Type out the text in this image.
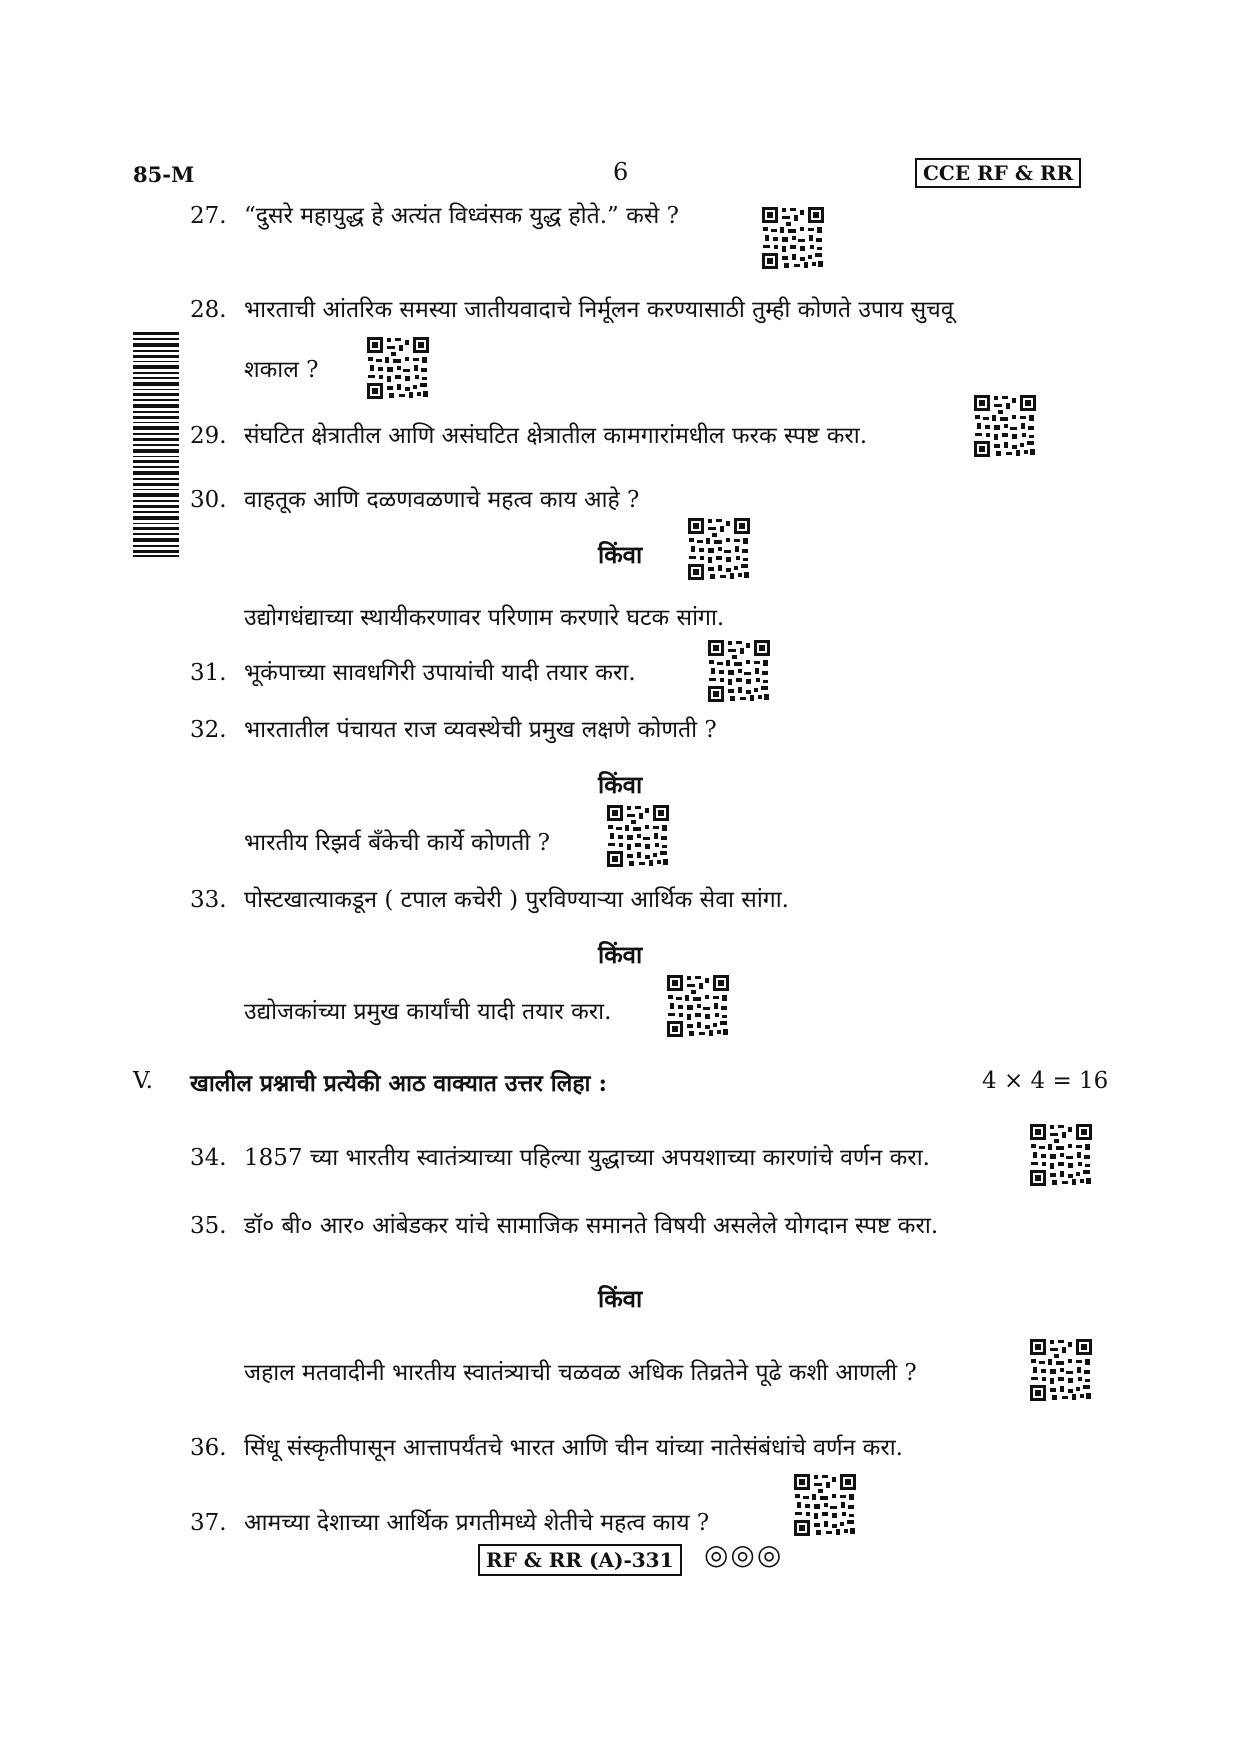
85-M	6	CCE RF & RR
27. “दुसरे महायुद्ध हे अत्यंत विध्वंसक युद्ध होते.” कसे ?
28. भारताची आंतरिक समस्या जातीयवादाचे निर्मूलन करण्यासाठी तुम्ही कोणते उपाय सुचवू
शकाल ?
29. संघटित क्षेत्रातील आणि असंघटित क्षेत्रातील कामगारांमधील फरक स्पष्ट करा.
30. वाहतूक आणि दळणवळणाचे महत्व काय आहे ?
किंवा
उद्योगधंद्याच्या स्थायीकरणावर परिणाम करणारे घटक सांगा.
31. भूकंपाच्या सावधगिरी उपायांची यादी तयार करा.
32. भारतातील पंचायत राज व्यवस्थेची प्रमुख लक्षणे कोणती ?
किंवा
भारतीय रिझर्व बँकेची कार्ये कोणती ?
33. पोस्टखात्याकडून ( टपाल कचेरी ) पुरविण्याऱ्या आर्थिक सेवा सांगा.
किंवा
उद्योजकांच्या प्रमुख कार्यांची यादी तयार करा.
V. खालील प्रश्नाची प्रत्येकी आठ वाक्यात उत्तर लिहा :	4 × 4 = 16
34. 1857 च्या भारतीय स्वातंत्र्याच्या पहिल्या युद्धाच्या अपयशाच्या कारणांचे वर्णन करा.
35. डॉ० बी० आर० आंबेडकर यांचे सामाजिक समानते विषयी असलेले योगदान स्पष्ट करा.
किंवा
जहाल मतवादीनी भारतीय स्वातंत्र्याची चळवळ अधिक तिव्रतेने पूढे कशी आणली ?
36. सिंधू संस्कृतीपासून आत्तापर्यंतचे भारत आणि चीन यांच्या नातेसंबंधांचे वर्णन करा.
37. आमच्या देशाच्या आर्थिक प्रगतीमध्ये शेतीचे महत्व काय ?
RF & RR (A)-331 ◎◎◎
